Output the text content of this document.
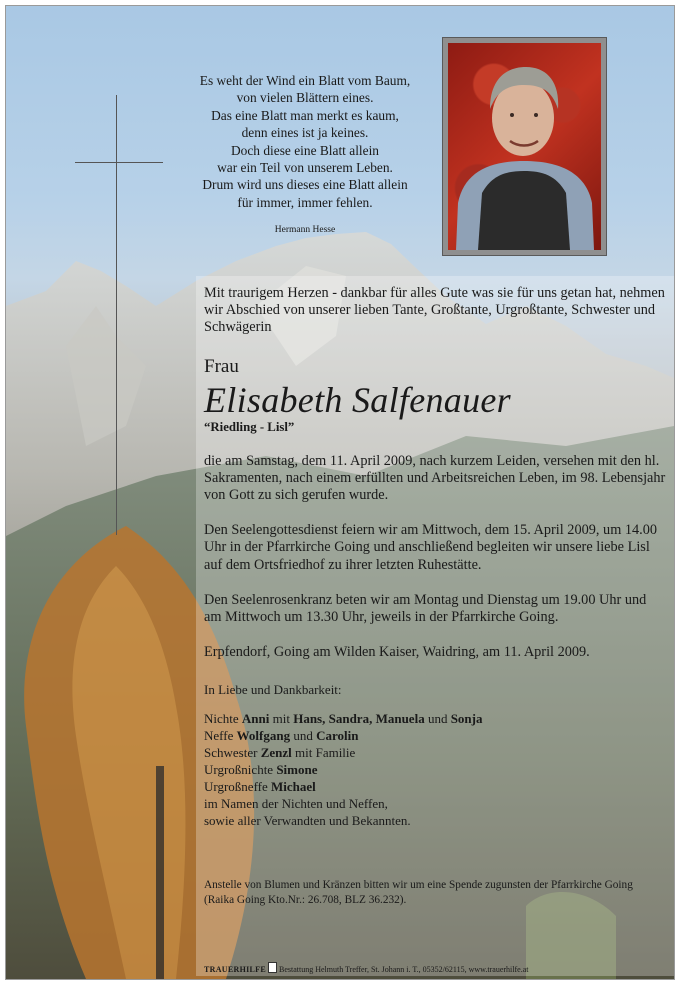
Es weht der Wind ein Blatt vom Baum,
von vielen Blättern eines.
Das eine Blatt man merkt es kaum,
denn eines ist ja keines.
Doch diese eine Blatt allein
war ein Teil von unserem Leben.
Drum wird uns dieses eine Blatt allein
für immer, immer fehlen.
Hermann Hesse

Mit traurigem Herzen - dankbar für alles Gute was sie für uns getan hat, nehmen wir Abschied von unserer lieben Tante, Großtante, Urgroßtante, Schwester und Schwägerin

Frau

Elisabeth Salfenauer

“Riedling - Lisl”

die am Samstag, dem 11. April 2009, nach kurzem Leiden, versehen mit den hl. Sakramenten, nach einem erfüllten und Arbeitsreichen Leben, im 98. Lebensjahr von Gott zu sich gerufen wurde.

Den Seelengottesdienst feiern wir am Mittwoch, dem 15. April 2009, um 14.00 Uhr in der Pfarrkirche Going und anschließend begleiten wir unsere liebe Lisl auf dem Ortsfriedhof zu ihrer letzten Ruhestätte.

Den Seelenrosenkranz beten wir am Montag und Dienstag um 19.00 Uhr und am Mittwoch um 13.30 Uhr, jeweils in der Pfarrkirche Going.

Erpfendorf, Going am Wilden Kaiser, Waidring, am 11. April 2009.

In Liebe und Dankbarkeit:
Nichte Anni mit Hans, Sandra, Manuela und Sonja
Neffe Wolfgang und Carolin
Schwester Zenzl mit Familie
Urgroßnichte Simone
Urgroßneffe Michael
im Namen der Nichten und Neffen,
sowie aller Verwandten und Bekannten.
Anstelle von Blumen und Kränzen bitten wir um eine Spende zugunsten der Pfarrkirche Going (Raika Going Kto.Nr.: 26.708, BLZ 36.232).
TRAUERHILFE Bestattung Helmuth Treffer, St. Johann i. T., 05352/62115, www.trauerhilfe.at
